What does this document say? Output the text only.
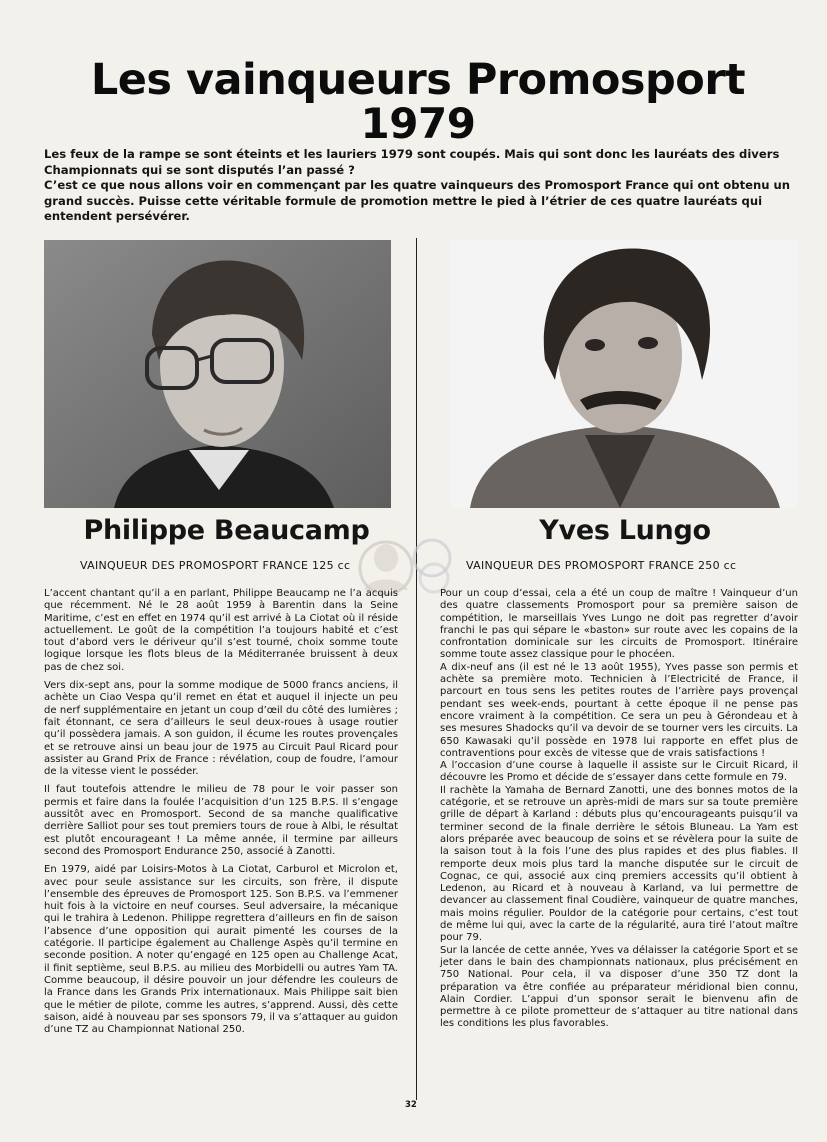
Les vainqueurs Promosport
1979

Les feux de la rampe se sont éteints et les lauriers 1979 sont coupés. Mais qui sont donc les lauréats des divers Championnats qui se sont disputés l’an passé ?

C’est ce que nous allons voir en commençant par les quatre vainqueurs des Promosport France qui ont obtenu un grand succès. Puisse cette véritable formule de promotion mettre le pied à l’étrier de ces quatre lauréats qui entendent persévérer.

Philippe Beaucamp	Yves Lungo
VAINQUEUR DES PROMOSPORT FRANCE 125 cc	VAINQUEUR DES PROMOSPORT FRANCE 250 cc

L’accent chantant qu’il a en parlant, Philippe Beaucamp ne l’a acquis que récemment. Né le 28 août 1959 à Barentin dans la Seine Maritime, c’est en effet en 1974 qu’il est arrivé à La Ciotat où il réside actuellement. Le goût de la compétition l’a toujours habité et c’est tout d’abord vers le dériveur qu’il s’est tourné, choix somme toute logique lorsque les flots bleus de la Méditerranée bruissent à deux pas de chez soi.

Vers dix-sept ans, pour la somme modique de 5000 francs anciens, il achète un Ciao Vespa qu’il remet en état et auquel il injecte un peu de nerf supplémentaire en jetant un coup d’œil du côté des lumières ; fait étonnant, ce sera d’ailleurs le seul deux-roues à usage routier qu’il possèdera jamais. A son guidon, il écume les routes provençales et se retrouve ainsi un beau jour de 1975 au Circuit Paul Ricard pour assister au Grand Prix de France : révélation, coup de foudre, l’amour de la vitesse vient le posséder.

Il faut toutefois attendre le milieu de 78 pour le voir passer son permis et faire dans la foulée l’acquisition d’un 125 B.P.S. Il s’engage aussitôt avec en Promosport. Second de sa manche qualificative derrière Salliot pour ses tout premiers tours de roue à Albi, le résultat est plutôt encourageant ! La même année, il termine par ailleurs second des Promosport Endurance 250, associé à Zanotti.

En 1979, aidé par Loisirs-Motos à La Ciotat, Carburol et Microlon et, avec pour seule assistance sur les circuits, son frère, il dispute l’ensemble des épreuves de Promosport 125. Son B.P.S. va l’emmener huit fois à la victoire en neuf courses. Seul adversaire, la mécanique qui le trahira à Ledenon. Philippe regrettera d’ailleurs en fin de saison l’absence d’une opposition qui aurait pimenté les courses de la catégorie. Il participe également au Challenge Aspès qu’il termine en seconde position. A noter qu’engagé en 125 open au Challenge Acat, il finit septième, seul B.P.S. au milieu des Morbidelli ou autres Yam TA. Comme beaucoup, il désire pouvoir un jour défendre les couleurs de la France dans les Grands Prix internationaux. Mais Philippe sait bien que le métier de pilote, comme les autres, s’apprend. Aussi, dès cette saison, aidé à nouveau par ses sponsors 79, il va s’attaquer au guidon d’une TZ au Championnat National 250.

Pour un coup d’essai, cela a été un coup de maître ! Vainqueur d’un des quatre classements Promosport pour sa première saison de compétition, le marseillais Yves Lungo ne doit pas regretter d’avoir franchi le pas qui sépare le «baston» sur route avec les copains de la confrontation dominicale sur les circuits de Promosport. Itinéraire somme toute assez classique pour le phocéen.

A dix-neuf ans (il est né le 13 août 1955), Yves passe son permis et achète sa première moto. Technicien à l’Electricité de France, il parcourt en tous sens les petites routes de l’arrière pays provençal pendant ses week-ends, pourtant à cette époque il ne pense pas encore vraiment à la compétition. Ce sera un peu à Gérondeau et à ses mesures Shadocks qu’il va devoir de se tourner vers les circuits. La 650 Kawasaki qu’il possède en 1978 lui rapporte en effet plus de contraventions pour excès de vitesse que de vrais satisfactions !

A l’occasion d’une course à laquelle il assiste sur le Circuit Ricard, il découvre les Promo et décide de s’essayer dans cette formule en 79.

Il rachète la Yamaha de Bernard Zanotti, une des bonnes motos de la catégorie, et se retrouve un après-midi de mars sur sa toute première grille de départ à Karland : débuts plus qu’encourageants puisqu’il va terminer second de la finale derrière le sétois Bluneau. La Yam est alors préparée avec beaucoup de soins et se révèlera pour la suite de la saison tout à la fois l’une des plus rapides et des plus fiables. Il remporte deux mois plus tard la manche disputée sur le circuit de Cognac, ce qui, associé aux cinq premiers accessits qu’il obtient à Ledenon, au Ricard et à nouveau à Karland, va lui permettre de devancer au classement final Coudière, vainqueur de quatre manches, mais moins régulier. Pouldor de la catégorie pour certains, c’est tout de même lui qui, avec la carte de la régularité, aura tiré l’atout maître pour 79.

Sur la lancée de cette année, Yves va délaisser la catégorie Sport et se jeter dans le bain des championnats nationaux, plus précisément en 750 National. Pour cela, il va disposer d’une 350 TZ dont la préparation va être confiée au préparateur méridional bien connu, Alain Cordier. L’appui d’un sponsor serait le bienvenu afin de permettre à ce pilote prometteur de s’attaquer au titre national dans les conditions les plus favorables.

32
